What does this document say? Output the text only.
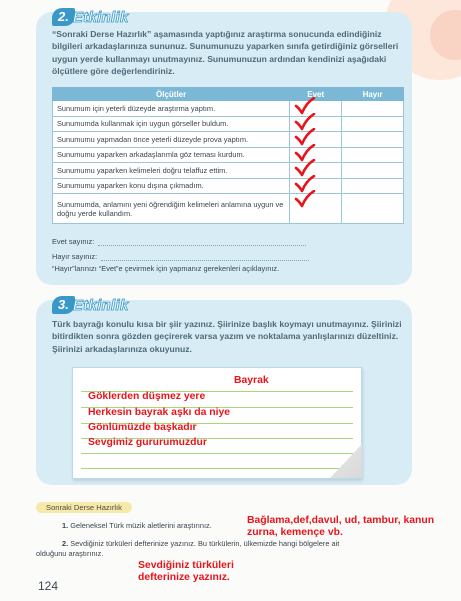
2. Etkinlik
“Sonraki Derse Hazırlık” aşamasında yaptığınız araştırma sonucunda edindiğiniz bilgileri arkadaşlarınıza sununuz. Sunumunuzu yaparken sınıfa getirdiğiniz görselleri uygun yerde kullanmayı unutmayınız. Sunumunuzun ardından kendinizi aşağıdaki ölçütlere göre değerlendiriniz.
Ölçütler	Evet	Hayır
Sunumum için yeterli düzeyde araştırma yaptım.	

Sunumumda kullanmak için uygun görseller buldum.	

Sunumumu yapmadan önce yeterli düzeyde prova yaptım.	

Sunumumu yaparken arkadaşlarımla göz teması kurdum.	

Sunumumu yaparken kelimeleri doğru telaffuz ettim.	

Sunumumu yaparken konu dışına çıkmadım.	

Sunumumda, anlamını yeni öğrendiğim kelimeleri anlamına uygun ve doğru yerde kullandım.	

Evet sayınız:
Hayır sayınız:
“Hayır”larınızı “Evet”e çevirmek için yapmanız gerekenleri açıklayınız.
3. Etkinlik
Türk bayrağı konulu kısa bir şiir yazınız. Şiirinize başlık koymayı unutmayınız. Şiirinizi bitirdikten sonra gözden geçirerek varsa yazım ve noktalama yanlışlarınızı düzeltiniz. Şiirinizi arkadaşlarınıza okuyunuz.
Bayrak
Göklerden düşmez yere
Herkesin bayrak aşkı da niye
Gönlümüzde başkadır
Sevgimiz gururumuzdur
Sonraki Derse Hazırlık
1. Geleneksel Türk müzik aletlerini araştırınız.
2. Sevdiğiniz türküleri defterinize yazınız. Bu türkülerin, ülkemizde hangi bölgelere ait
olduğunu araştırınız.
Bağlama,def,davul, ud, tambur, kanun zurna, kemençe vb.
Sevdiğiniz türküleri defterinize yazınız.
124
